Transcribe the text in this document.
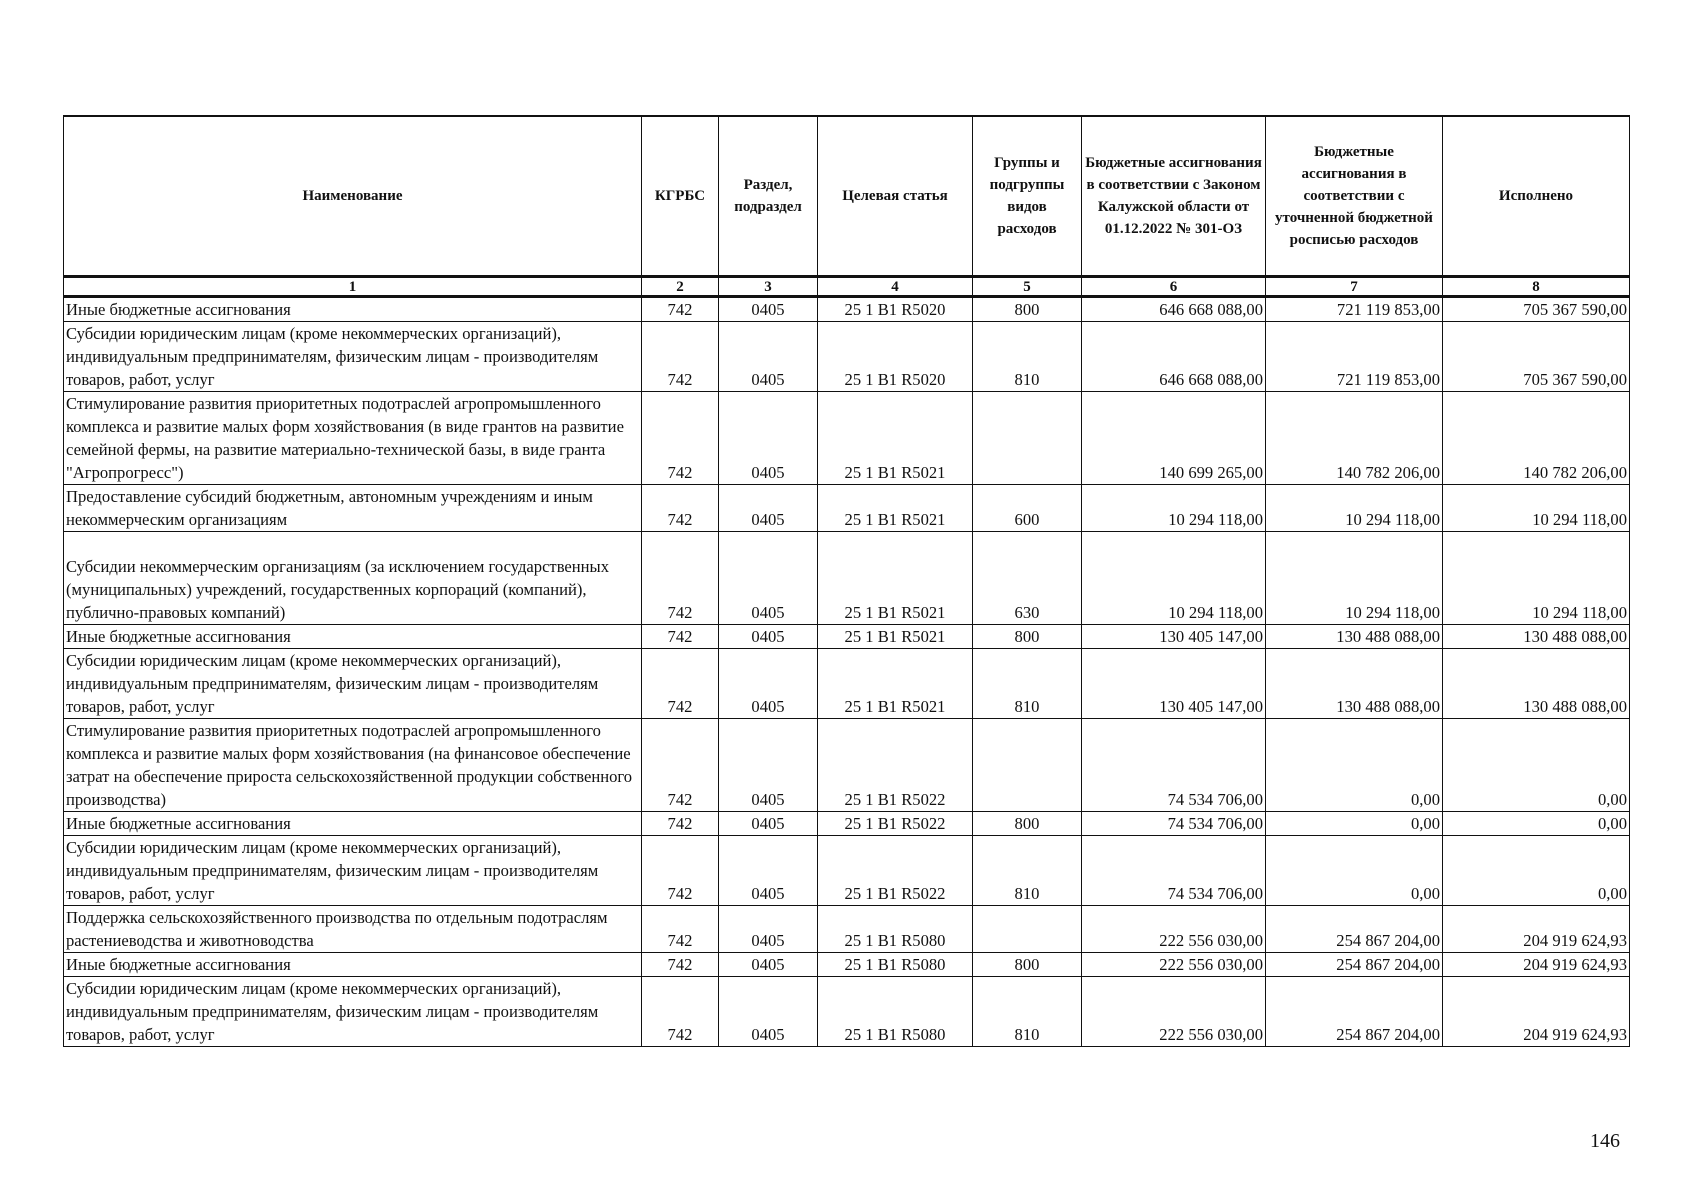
Наименование	КГРБС	Раздел, подраздел	Целевая статья	Группы и подгруппы видов расходов	Бюджетные ассигнования в соответствии с Законом Калужской области от 01.12.2022 № 301-ОЗ	Бюджетные ассигнования в соответствии с уточненной бюджетной росписью расходов	Исполнено
1	2	3	4	5	6	7	8
Иные бюджетные ассигнования	742	0405	25 1 B1 R5020	800	646 668 088,00	721 119 853,00	705 367 590,00
Субсидии юридическим лицам (кроме некоммерческих организаций), индивидуальным предпринимателям, физическим лицам - производителям товаров, работ, услуг	742	0405	25 1 B1 R5020	810	646 668 088,00	721 119 853,00	705 367 590,00
Стимулирование развития приоритетных подотраслей агропромышленного комплекса и развитие малых форм хозяйствования (в виде грантов на развитие семейной фермы, на развитие материально-технической базы, в виде гранта "Агропрогресс")	742	0405	25 1 B1 R5021		140 699 265,00	140 782 206,00	140 782 206,00
Предоставление субсидий бюджетным, автономным учреждениям и иным некоммерческим организациям	742	0405	25 1 B1 R5021	600	10 294 118,00	10 294 118,00	10 294 118,00
Субсидии некоммерческим организациям (за исключением государственных (муниципальных) учреждений, государственных корпораций (компаний), публично-правовых компаний)	742	0405	25 1 B1 R5021	630	10 294 118,00	10 294 118,00	10 294 118,00
Иные бюджетные ассигнования	742	0405	25 1 B1 R5021	800	130 405 147,00	130 488 088,00	130 488 088,00
Субсидии юридическим лицам (кроме некоммерческих организаций), индивидуальным предпринимателям, физическим лицам - производителям товаров, работ, услуг	742	0405	25 1 B1 R5021	810	130 405 147,00	130 488 088,00	130 488 088,00
Стимулирование развития приоритетных подотраслей агропромышленного комплекса и развитие малых форм хозяйствования (на финансовое обеспечение затрат на обеспечение прироста сельскохозяйственной продукции собственного производства)	742	0405	25 1 B1 R5022		74 534 706,00	0,00	0,00
Иные бюджетные ассигнования	742	0405	25 1 B1 R5022	800	74 534 706,00	0,00	0,00
Субсидии юридическим лицам (кроме некоммерческих организаций), индивидуальным предпринимателям, физическим лицам - производителям товаров, работ, услуг	742	0405	25 1 B1 R5022	810	74 534 706,00	0,00	0,00
Поддержка сельскохозяйственного производства по отдельным подотраслям растениеводства и животноводства	742	0405	25 1 B1 R5080		222 556 030,00	254 867 204,00	204 919 624,93
Иные бюджетные ассигнования	742	0405	25 1 B1 R5080	800	222 556 030,00	254 867 204,00	204 919 624,93
Субсидии юридическим лицам (кроме некоммерческих организаций), индивидуальным предпринимателям, физическим лицам - производителям товаров, работ, услуг	742	0405	25 1 B1 R5080	810	222 556 030,00	254 867 204,00	204 919 624,93
146
